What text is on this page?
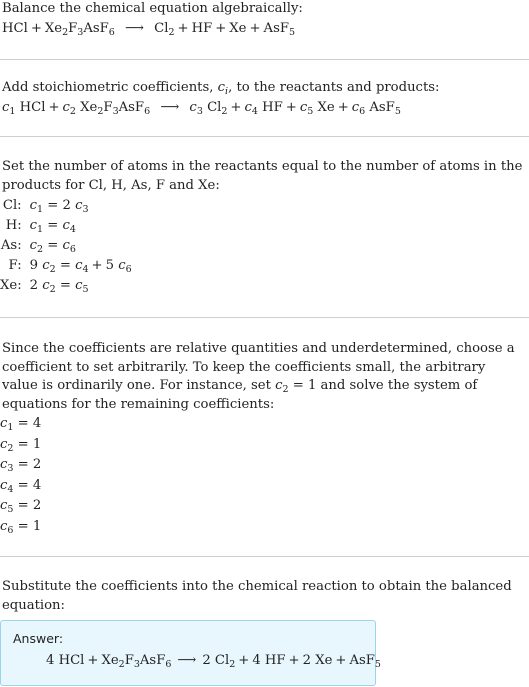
Balance the chemical equation algebraically:

HCl + $Xe_2F_3AsF_6$ ⟶ $Cl_2$ + HF + Xe + AsF$_5$

Add stoichiometric coefficients, $c_i$, to the reactants and products:

$c_1$ HCl + $c_2$ $Xe_2F_3AsF_6$ ⟶ $c_3$ $Cl_2 + c_4$ HF + $c_5$ $Xe + c_6$ AsF$_5$

Set the number of atoms in the reactants equal to the number of atoms in the products for Cl, H, As, F and Xe:

Cl:	$c_1 = 2$ $c_3$
H:	$c_1 = c_4$
As:	$c_2 = c_6$
F:	9 $c_2 = c_4 + 5$ $c_6$
Xe:	2 $c_2 = c_5$

Since the coefficients are relative quantities and underdetermined, choose a coefficient to set arbitrarily. To keep the coefficients small, the arbitrary value is ordinarily one. For instance, set $c_2 = 1$ and solve the system of equations for the remaining coefficients:

$c_1 = 4$

$c_2 = 1$

$c_3 = 2$

$c_4 = 4$

$c_5 = 2$

$c_6 = 1$

Substitute the coefficients into the chemical reaction to obtain the balanced equation:

Answer:
4 HCl + $Xe_2F_3AsF_6$ ⟶ 2 $Cl_2 + 4$ HF + 2 Xe + AsF$_5$
